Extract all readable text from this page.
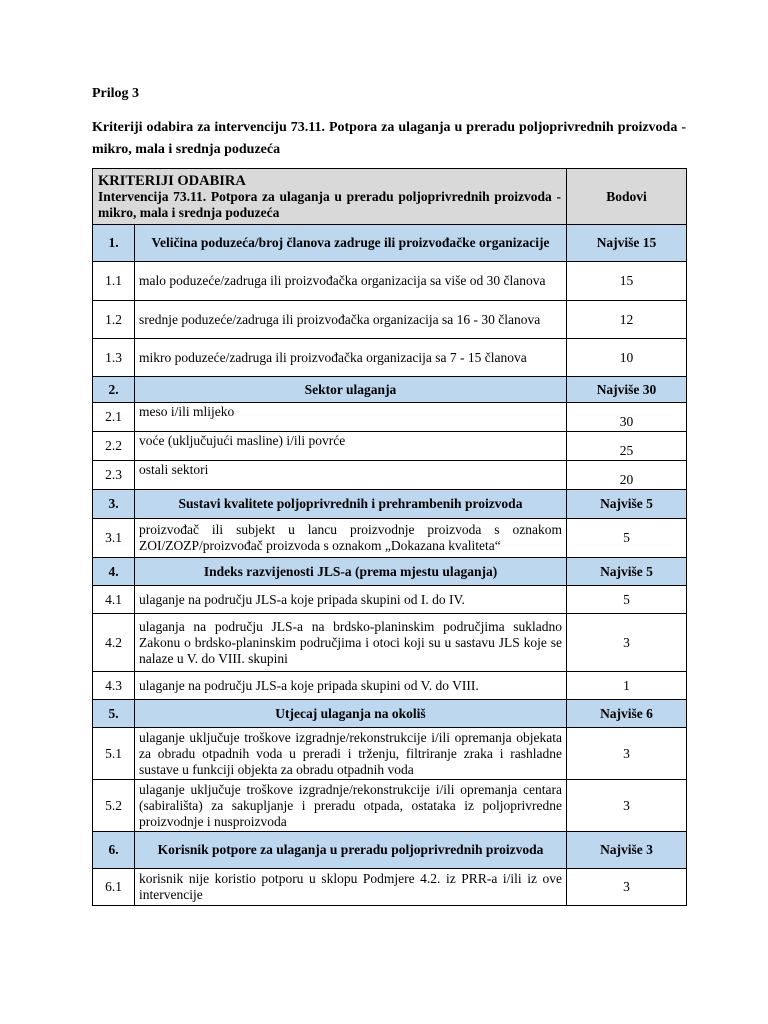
Prilog 3
Kriteriji odabira za intervenciju 73.11. Potpora za ulaganja u preradu poljoprivrednih proizvoda - mikro, mala i srednja poduzeća
KRITERIJI ODABIRA
Intervencija 73.11. Potpora za ulaganja u preradu poljoprivrednih proizvoda - mikro, mala i srednja poduzeća		Bodovi
1.	Veličina poduzeća/broj članova zadruge ili proizvođačke organizacije	Najviše 15
1.1	malo poduzeće/zadruga ili proizvođačka organizacija sa više od 30 članova	15
1.2	srednje poduzeće/zadruga ili proizvođačka organizacija sa 16 - 30 članova	12
1.3	mikro poduzeće/zadruga ili proizvođačka organizacija sa 7 - 15 članova	10
2.	Sektor ulaganja	Najviše 30
2.1	meso i/ili mlijeko	30
2.2	voće (uključujući masline) i/ili povrće	25
2.3	ostali sektori	20
3.	Sustavi kvalitete poljoprivrednih i prehrambenih proizvoda	Najviše 5
3.1	proizvođač ili subjekt u lancu proizvodnje proizvoda s oznakom ZOI/ZOZP/proizvođač proizvoda s oznakom „Dokazana kvaliteta“	5
4.	Indeks razvijenosti JLS-a (prema mjestu ulaganja)	Najviše 5
4.1	ulaganje na području JLS-a koje pripada skupini od I. do IV.	5
4.2	ulaganja na području JLS-a na brdsko-planinskim područjima sukladno Zakonu o brdsko-planinskim područjima i otoci koji su u sastavu JLS koje se nalaze u V. do VIII. skupini	3
4.3	ulaganje na području JLS-a koje pripada skupini od V. do VIII.	1
5.	Utjecaj ulaganja na okoliš	Najviše 6
5.1	ulaganje uključuje troškove izgradnje/rekonstrukcije i/ili opremanja objekata za obradu otpadnih voda u preradi i trženju, filtriranje zraka i rashladne sustave u funkciji objekta za obradu otpadnih voda	3
5.2	ulaganje uključuje troškove izgradnje/rekonstrukcije i/ili opremanja centara (sabirališta) za sakupljanje i preradu otpada, ostataka iz poljoprivredne proizvodnje i nusproizvoda	3
6.	Korisnik potpore za ulaganja u preradu poljoprivrednih proizvoda	Najviše 3
6.1	korisnik nije koristio potporu u sklopu Podmjere 4.2. iz PRR-a i/ili iz ove intervencije	3
